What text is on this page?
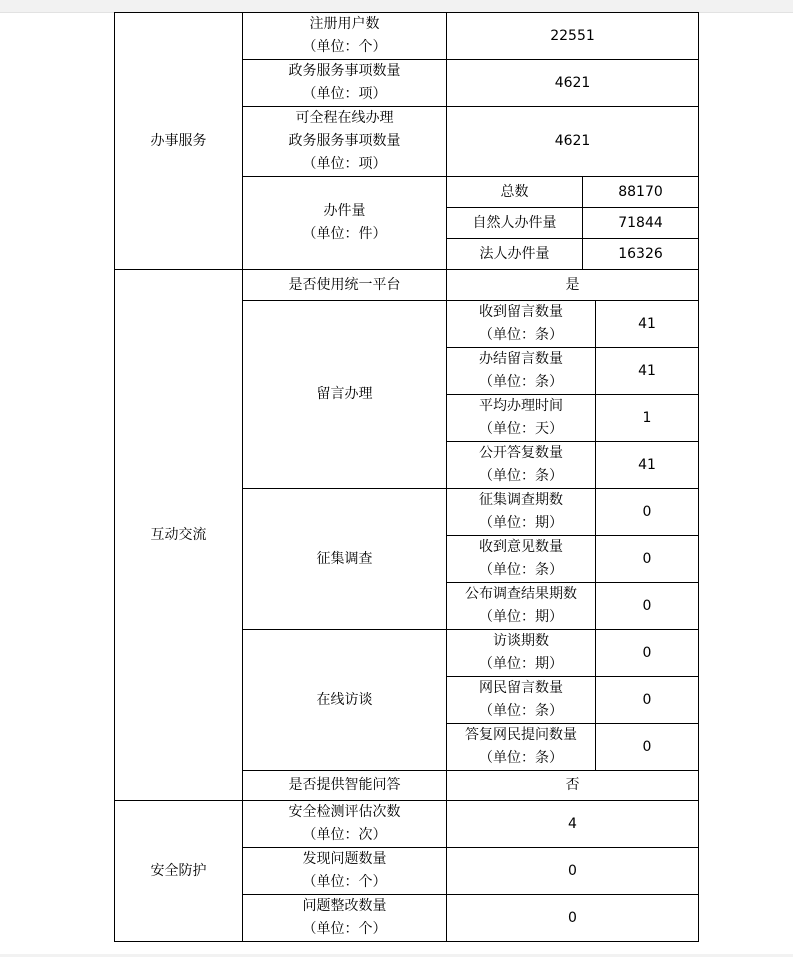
办事服务	注册用户数
（单位：个）	22551		

	政务服务事项数量
（单位：项）	4621		

	可全程在线办理
政务服务事项数量
（单位：项）	4621		

	办件量
（单位：件）	总数	88170	
		自然人办件量	71844	
		法人办件量	16326	
互动交流	是否使用统一平台	是		
	留言办理	收到留言数量
（单位：条）		41

		办结留言数量
（单位：条）		41

		平均办理时间
（单位：天）		1

		公开答复数量
（单位：条）		41
	征集调查	征集调查期数
（单位：期）		0

		收到意见数量
（单位：条）		0

		公布调查结果期数
（单位：期）		0
	在线访谈	访谈期数
（单位：期）		0

		网民留言数量
（单位：条）		0

		答复网民提问数量
（单位：条）		0
	是否提供智能问答	否		
安全防护	安全检测评估次数
（单位：次）	4		

	发现问题数量
（单位：个）	0		

	问题整改数量
（单位：个）	0		
